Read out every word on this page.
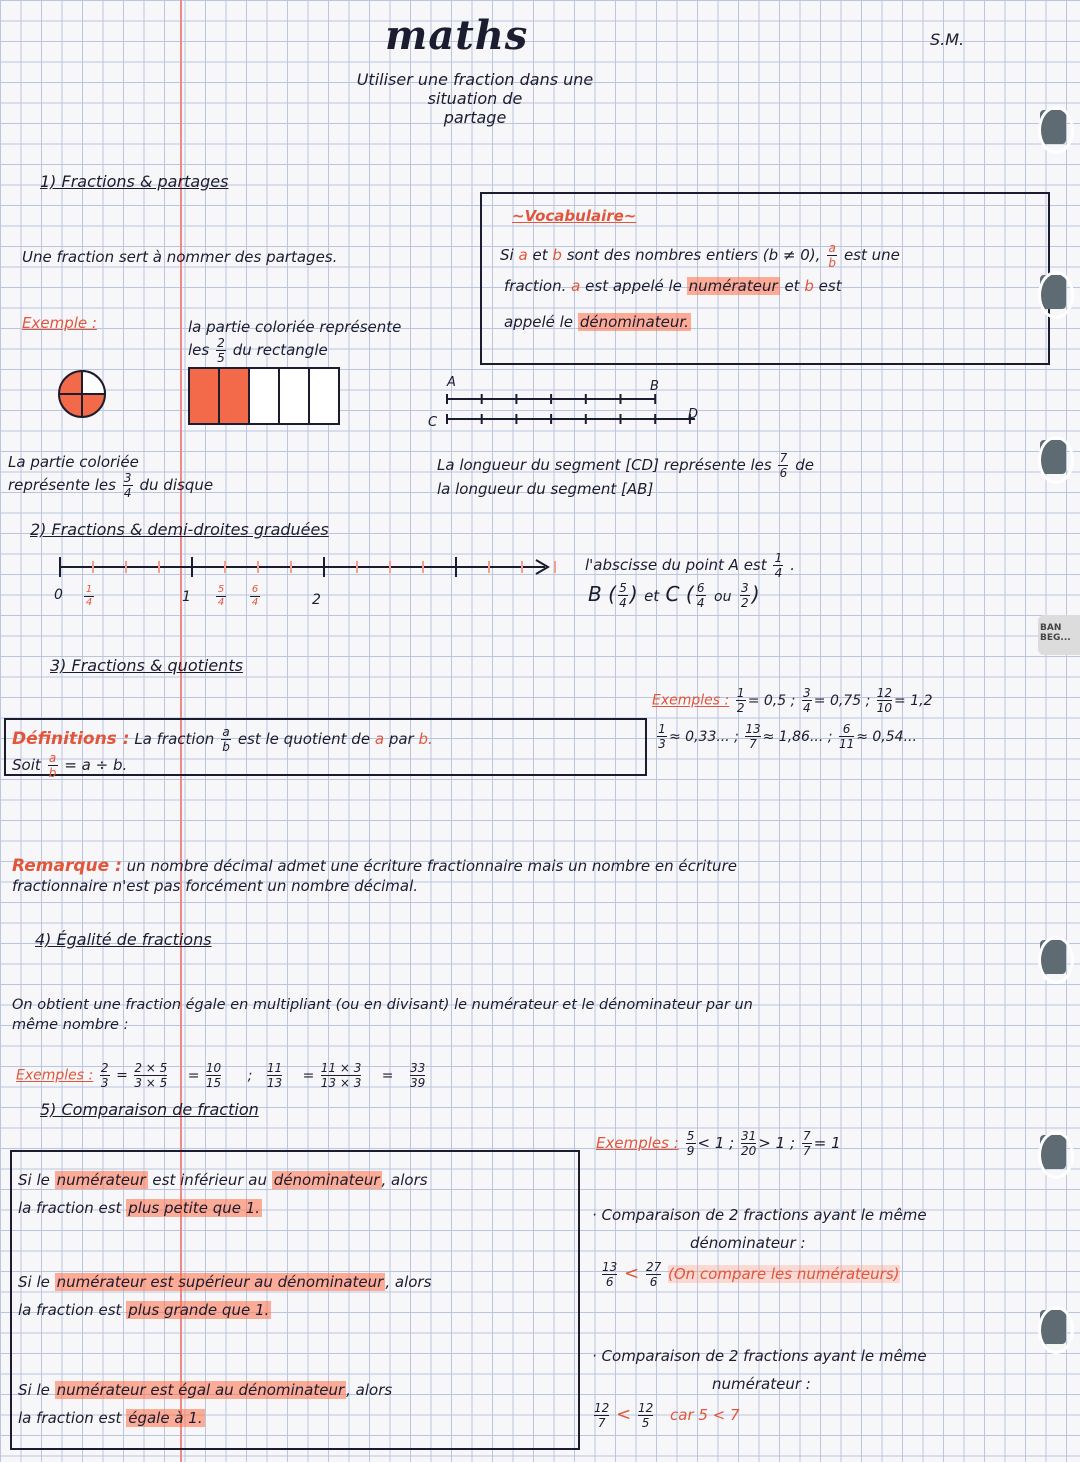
maths
Utiliser une fraction dans une
situation de
partage
S.M.
1) Fractions & partages
Une fraction sert à nommer des partages.
Exemple :	la partie coloriée représente
les $\frac{2}{5}$ du rectangle
La partie coloriée
représente les $\frac{3}{4}$ du disque
A	B
C
D
La longueur du segment [CD] représente les $\frac{7}{6}$ de
la longueur du segment [AB]
~Vocabulaire~
Si a et b sont des nombres entiers (b ≠ 0), $\frac{a}{b}$ est une
fraction. a est appelé le numérateur et b est
appelé le dénominateur.
2) Fractions & demi-droites graduées
0	1	2
$\frac{1}{4}$	$\frac{5}{4} \frac{6}{4}$
l'abscisse du point A est $\frac{1}{4}$ .
B ( $\frac{5}{4}$ ) et C ( $\frac{6}{4}$ ou $\frac{3}{2}$ )
3) Fractions & quotients
Exemples : $\frac{1}{2} = 0,5$ ; $\frac{3}{4} = 0,75$ ; $\frac{12}{10} = 1,2$
Définitions : La fraction $\frac{a}{b}$ est le quotient de a par b.
Soit $\frac{a}{b} = a \div b$.
$\frac{1}{3} \approx 0,33$... ; $\frac{13}{7} \approx 1,86$... ; $\frac{6}{11} \approx 0,54$...
Remarque : un nombre décimal admet une écriture fractionnaire mais un nombre en écriture
fractionnaire n'est pas forcément un nombre décimal.
4) Égalité de fractions
On obtient une fraction égale en multipliant (ou en divisant) le numérateur et le dénominateur par un
même nombre :
Exemples : $\frac{2}{3} = \frac{2 \times 5}{3 \times 5} = \frac{10}{15}$ ; $\frac{11}{13} = \frac{11 \times 3}{13 \times 3} = \frac{33}{39}$
5) Comparaison de fraction
Si le numérateur est inférieur au dénominateur , alors
la fraction est plus petite que 1.
Si le numérateur est supérieur au dénominateur , alors
la fraction est plus grande que 1.
Si le numérateur est égal au dénominateur , alors
la fraction est égale à 1.
Exemples : $\frac{5}{9} < 1$ ; $\frac{31}{20} > 1$ ; $\frac{7}{7} = 1$
· Comparaison de 2 fractions ayant le même
dénominateur :
$\frac{13}{6} < \frac{27}{6} (On$ compare les numérateurs)
· Comparaison de 2 fractions ayant le même
numérateur :
$\frac{12}{7} < \frac{12}{5}$ car 5 < 7
BAN BEG...
